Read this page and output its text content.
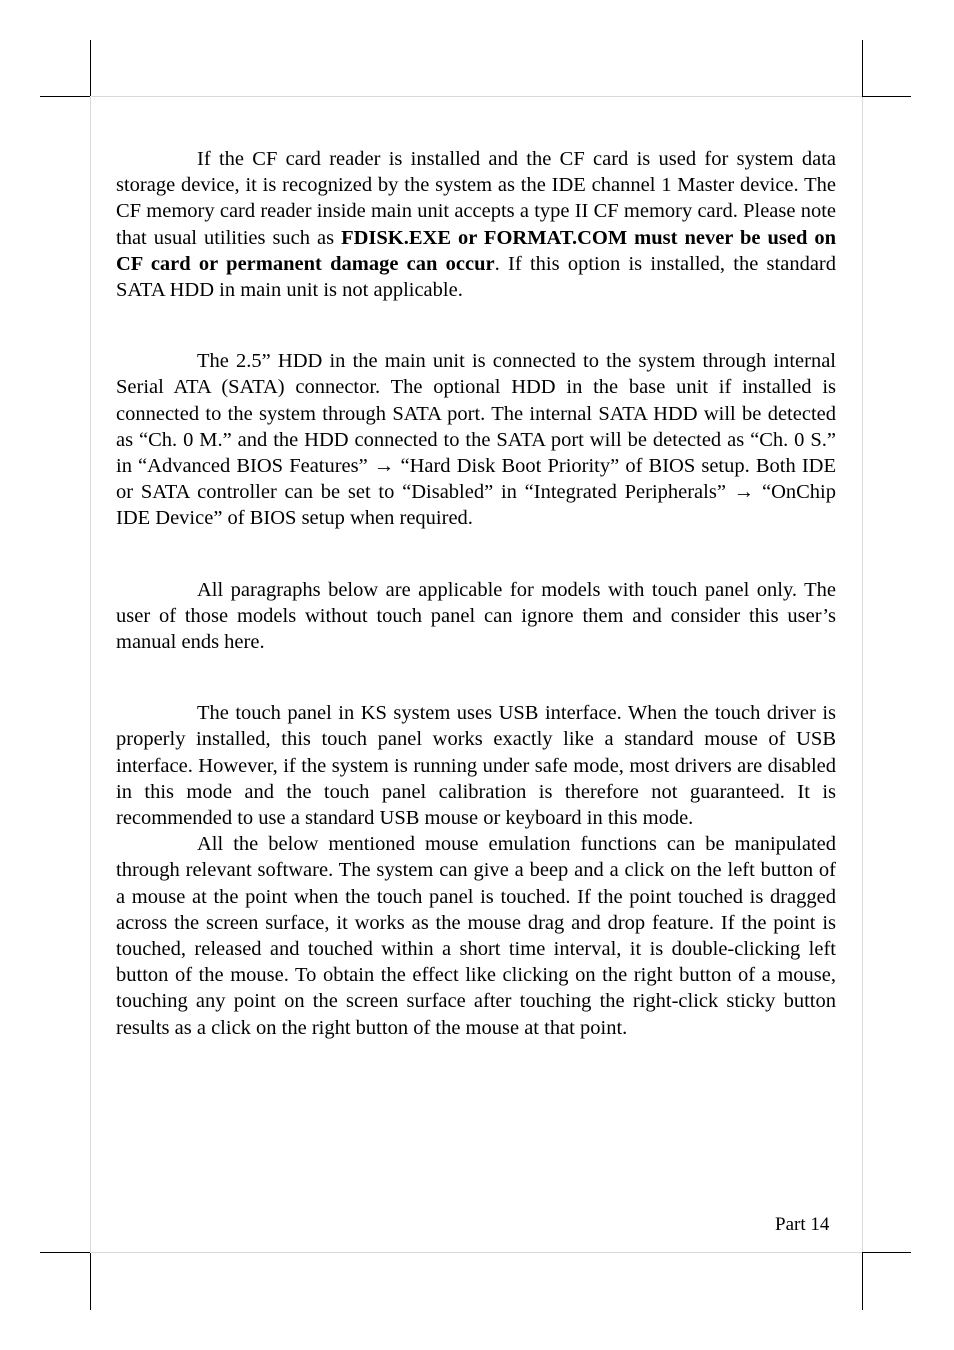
If the CF card reader is installed and the CF card is used for system data storage device, it is recognized by the system as the IDE channel 1 Master device. The CF memory card reader inside main unit accepts a type II CF memory card. Please note that usual utilities such as FDISK.EXE or FORMAT.COM must never be used on CF card or permanent damage can occur. If this option is installed, the standard SATA HDD in main unit is not applicable.

The 2.5” HDD in the main unit is connected to the system through internal Serial ATA (SATA) connector. The optional HDD in the base unit if installed is connected to the system through SATA port. The internal SATA HDD will be detected as “Ch. 0 M.” and the HDD connected to the SATA port will be detected as “Ch. 0 S.” in “Advanced BIOS Features” → “Hard Disk Boot Priority” of BIOS setup. Both IDE or SATA controller can be set to “Disabled” in “Integrated Peripherals” → “OnChip IDE Device” of BIOS setup when required.

All paragraphs below are applicable for models with touch panel only. The user of those models without touch panel can ignore them and consider this user’s manual ends here.

The touch panel in KS system uses USB interface. When the touch driver is properly installed, this touch panel works exactly like a standard mouse of USB interface. However, if the system is running under safe mode, most drivers are disabled in this mode and the touch panel calibration is therefore not guaranteed. It is recommended to use a standard USB mouse or keyboard in this mode.

All the below mentioned mouse emulation functions can be manipulated through relevant software. The system can give a beep and a click on the left button of a mouse at the point when the touch panel is touched. If the point touched is dragged across the screen surface, it works as the mouse drag and drop feature. If the point is touched, released and touched within a short time interval, it is double-clicking left button of the mouse. To obtain the effect like clicking on the right button of a mouse, touching any point on the screen surface after touching the right-click sticky button results as a click on the right button of the mouse at that point.

Part 14
